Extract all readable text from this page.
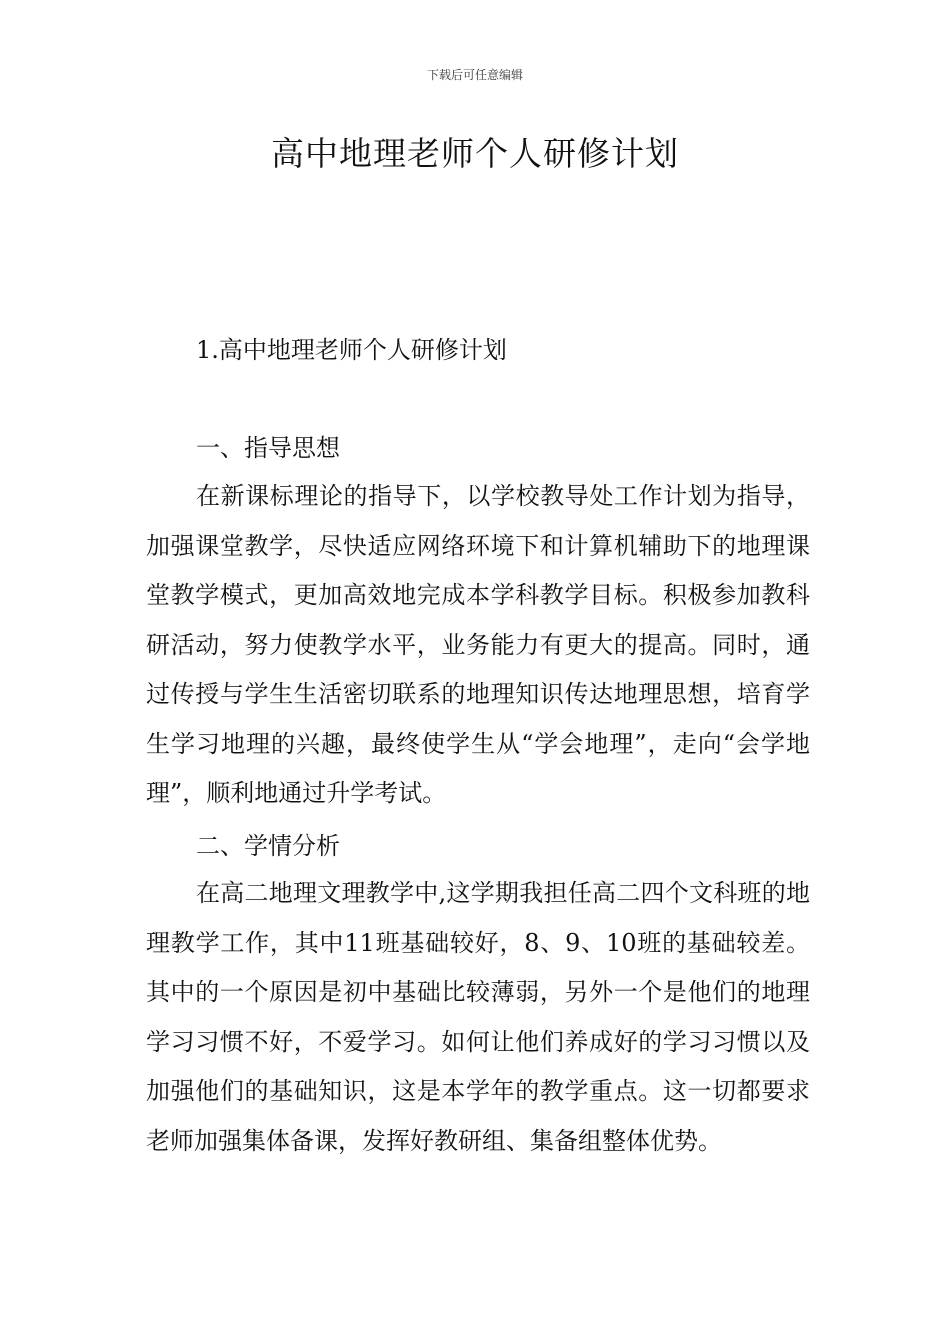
下载后可任意编辑
高中地理老师个人研修计划
1.高中地理老师个人研修计划
一、指导思想

在新课标理论的指导下，以学校教导处工作计划为指导，加强课堂教学，尽快适应网络环境下和计算机辅助下的地理课堂教学模式，更加高效地完成本学科教学目标。积极参加教科研活动，努力使教学水平，业务能力有更大的提高。同时，通过传授与学生生活密切联系的地理知识传达地理思想，培育学生学习地理的兴趣，最终使学生从“学会地理”，走向“会学地理”，顺利地通过升学考试。

二、学情分析

在高二地理文理教学中,这学期我担任高二四个文科班的地理教学工作，其中11班基础较好，8、9、10班的基础较差。其中的一个原因是初中基础比较薄弱，另外一个是他们的地理学习习惯不好，不爱学习。如何让他们养成好的学习习惯以及加强他们的基础知识，这是本学年的教学重点。这一切都要求老师加强集体备课，发挥好教研组、集备组整体优势。
